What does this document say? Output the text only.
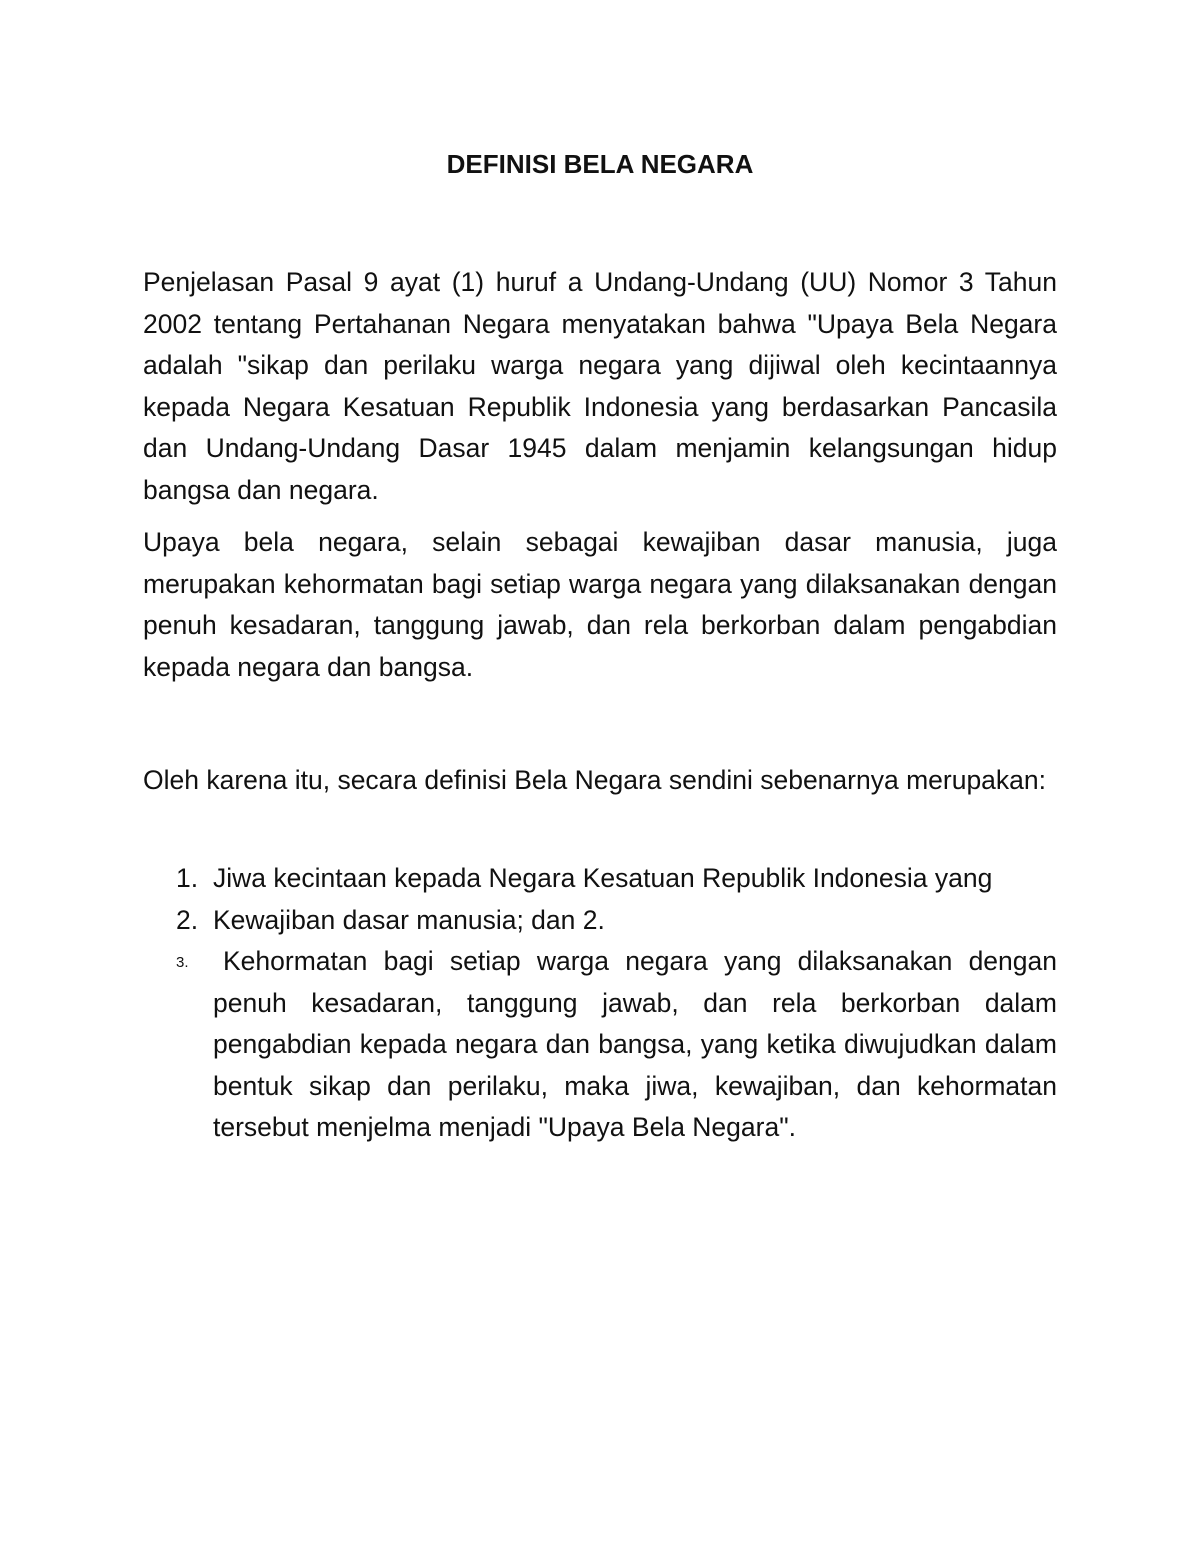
DEFINISI BELA NEGARA

Penjelasan Pasal 9 ayat (1) huruf a Undang-Undang (UU) Nomor 3 Tahun 2002 tentang Pertahanan Negara menyatakan bahwa "Upaya Bela Negara adalah "sikap dan perilaku warga negara yang dijiwal oleh kecintaannya kepada Negara Kesatuan Republik Indonesia yang berdasarkan Pancasila dan Undang-Undang Dasar 1945 dalam menjamin kelangsungan hidup bangsa dan negara.

Upaya bela negara, selain sebagai kewajiban dasar manusia, juga merupakan kehormatan bagi setiap warga negara yang dilaksanakan dengan penuh kesadaran, tanggung jawab, dan rela berkorban dalam pengabdian kepada negara dan bangsa.

Oleh karena itu, secara definisi Bela Negara sendini sebenarnya merupakan:

1. Jiwa kecintaan kepada Negara Kesatuan Republik Indonesia yang
2. Kewajiban dasar manusia; dan 2.
3. Kehormatan bagi setiap warga negara yang dilaksanakan dengan penuh kesadaran, tanggung jawab, dan rela berkorban dalam pengabdian kepada negara dan bangsa, yang ketika diwujudkan dalam bentuk sikap dan perilaku, maka jiwa, kewajiban, dan kehormatan tersebut menjelma menjadi "Upaya Bela Negara".
